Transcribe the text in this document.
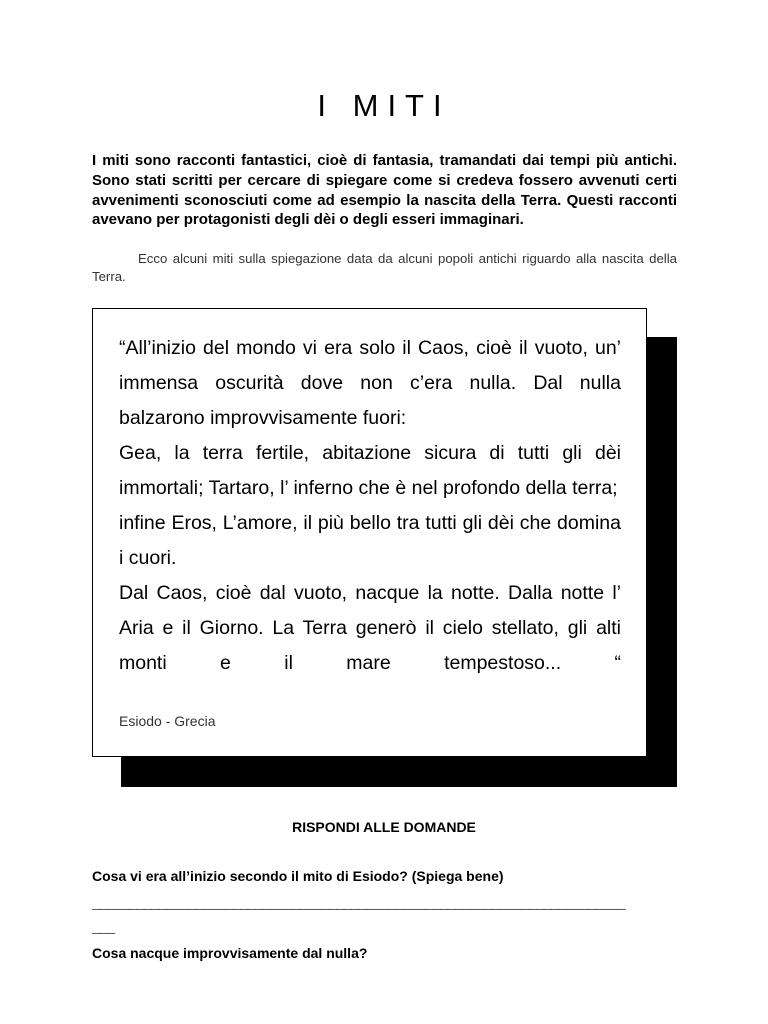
I MITI

I miti sono racconti fantastici, cioè di fantasia, tramandati dai tempi più antichi. Sono stati scritti per cercare di spiegare come si credeva fossero avvenuti certi avvenimenti sconosciuti come ad esempio la nascita della Terra. Questi racconti avevano per protagonisti degli dèi o degli esseri immaginari.

Ecco alcuni miti sulla spiegazione data da alcuni popoli antichi riguardo alla nascita della Terra.

“All’inizio del mondo vi era solo il Caos, cioè il vuoto, un’ immensa oscurità dove non c’era nulla. Dal nulla balzarono improvvisamente fuori:
Gea, la terra fertile, abitazione sicura di tutti gli dèi immortali; Tartaro, l’ inferno che è nel profondo della terra;
infine Eros, L’amore, il più bello tra tutti gli dèi che domina i cuori.
Dal Caos, cioè dal vuoto, nacque la notte. Dalla notte l’ Aria e il Giorno. La Terra generò il cielo stellato, gli alti monti e il mare tempestoso... “

Esiodo - Grecia

RISPONDI ALLE DOMANDE

Cosa vi era all’inizio secondo il mito di Esiodo? (Spiega bene)

________________________________________________________________________

___

Cosa nacque improvvisamente dal nulla?
